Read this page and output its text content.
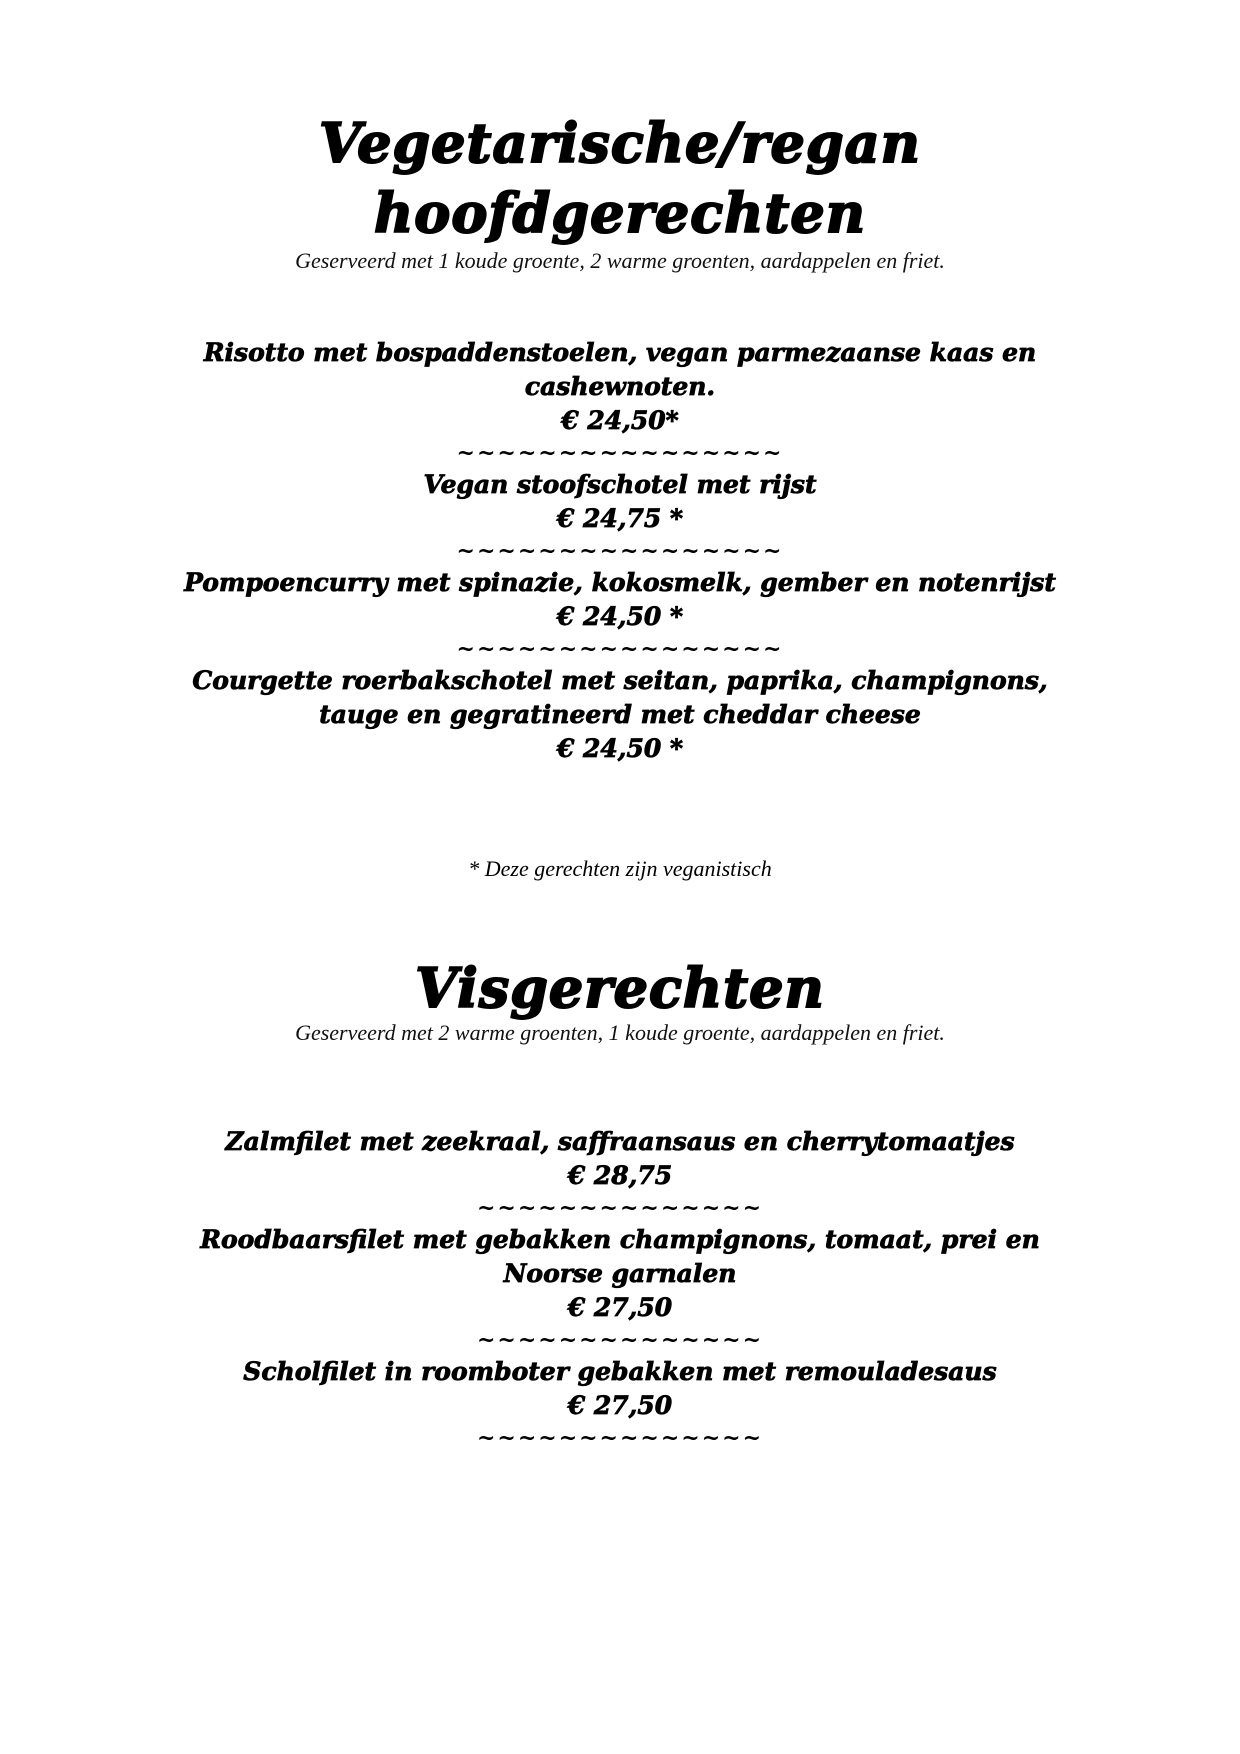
Vegetarische/regan
hoofdgerechten

Geserveerd met 1 koude groente, 2 warme groenten, aardappelen en friet.

Risotto met bospaddenstoelen, vegan parmezaanse kaas en cashewnoten.

€ 24,50*

~~~~~~~~~~~~~~~~

Vegan stoofschotel met rijst

€ 24,75 *

~~~~~~~~~~~~~~~~

Pompoencurry met spinazie, kokosmelk, gember en notenrijst

€ 24,50 *

~~~~~~~~~~~~~~~~

Courgette roerbakschotel met seitan, paprika, champignons, tauge en gegratineerd met cheddar cheese

€ 24,50 *

* Deze gerechten zijn veganistisch

Visgerechten

Geserveerd met 2 warme groenten, 1 koude groente, aardappelen en friet.

Zalmfilet met zeekraal, saffraansaus en cherrytomaatjes

€ 28,75

~~~~~~~~~~~~~~

Roodbaarsfilet met gebakken champignons, tomaat, prei en Noorse garnalen

€ 27,50

~~~~~~~~~~~~~~

Scholfilet in roomboter gebakken met remouladesaus

€ 27,50

~~~~~~~~~~~~~~
